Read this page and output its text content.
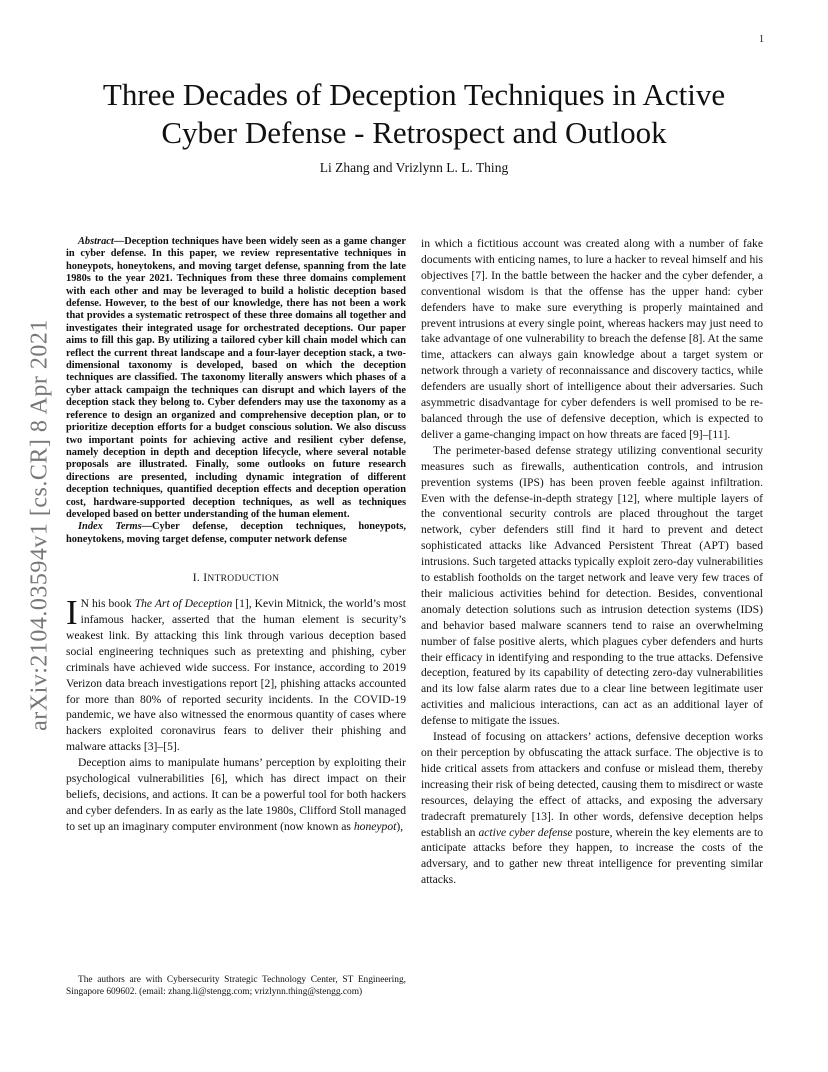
1
arXiv:2104.03594v1 [cs.CR] 8 Apr 2021
Three Decades of Deception Techniques in Active
Cyber Defense - Retrospect and Outlook
Li Zhang and Vrizlynn L. L. Thing

Abstract—Deception techniques have been widely seen as a game changer in cyber defense. In this paper, we review representative techniques in honeypots, honeytokens, and moving target defense, spanning from the late 1980s to the year 2021. Techniques from these three domains complement with each other and may be leveraged to build a holistic deception based defense. However, to the best of our knowledge, there has not been a work that provides a systematic retrospect of these three domains all together and investigates their integrated usage for orchestrated deceptions. Our paper aims to fill this gap. By utilizing a tailored cyber kill chain model which can reflect the current threat landscape and a four-layer deception stack, a two-dimensional taxonomy is developed, based on which the deception techniques are classified. The taxonomy literally answers which phases of a cyber attack campaign the techniques can disrupt and which layers of the deception stack they belong to. Cyber defenders may use the taxonomy as a reference to design an organized and comprehensive deception plan, or to prioritize deception efforts for a budget conscious solution. We also discuss two important points for achieving active and resilient cyber defense, namely deception in depth and deception lifecycle, where several notable proposals are illustrated. Finally, some outlooks on future research directions are presented, including dynamic integration of different deception techniques, quantified deception effects and deception operation cost, hardware-supported deception techniques, as well as techniques developed based on better understanding of the human element.

Index Terms—Cyber defense, deception techniques, honeypots, honeytokens, moving target defense, computer network defense

I. INTRODUCTION

I N his book The Art of Deception [1], Kevin Mitnick, the world’s most infamous hacker, asserted that the human element is security’s weakest link. By attacking this link through various deception based social engineering techniques such as pretexting and phishing, cyber criminals have achieved wide success. For instance, according to 2019 Verizon data breach investigations report [2], phishing attacks accounted for more than 80% of reported security incidents. In the COVID-19 pandemic, we have also witnessed the enormous quantity of cases where hackers exploited coronavirus fears to deliver their phishing and malware attacks [3]–[5].

Deception aims to manipulate humans’ perception by exploiting their psychological vulnerabilities [6], which has direct impact on their beliefs, decisions, and actions. It can be a powerful tool for both hackers and cyber defenders. In as early as the late 1980s, Clifford Stoll managed to set up an imaginary computer environment (now known as honeypot),

The authors are with Cybersecurity Strategic Technology Center, ST Engineering, Singapore 609602. (email: zhang.li@stengg.com; vrizlynn.thing@stengg.com)

in which a fictitious account was created along with a number of fake documents with enticing names, to lure a hacker to reveal himself and his objectives [7]. In the battle between the hacker and the cyber defender, a conventional wisdom is that the offense has the upper hand: cyber defenders have to make sure everything is properly maintained and prevent intrusions at every single point, whereas hackers may just need to take advantage of one vulnerability to breach the defense [8]. At the same time, attackers can always gain knowledge about a target system or network through a variety of reconnaissance and discovery tactics, while defenders are usually short of intelligence about their adversaries. Such asymmetric disadvantage for cyber defenders is well promised to be re-balanced through the use of defensive deception, which is expected to deliver a game-changing impact on how threats are faced [9]–[11].

The perimeter-based defense strategy utilizing conventional security measures such as firewalls, authentication controls, and intrusion prevention systems (IPS) has been proven feeble against infiltration. Even with the defense-in-depth strategy [12], where multiple layers of the conventional security controls are placed throughout the target network, cyber defenders still find it hard to prevent and detect sophisticated attacks like Advanced Persistent Threat (APT) based intrusions. Such targeted attacks typically exploit zero-day vulnerabilities to establish footholds on the target network and leave very few traces of their malicious activities behind for detection. Besides, conventional anomaly detection solutions such as intrusion detection systems (IDS) and behavior based malware scanners tend to raise an overwhelming number of false positive alerts, which plagues cyber defenders and hurts their efficacy in identifying and responding to the true attacks. Defensive deception, featured by its capability of detecting zero-day vulnerabilities and its low false alarm rates due to a clear line between legitimate user activities and malicious interactions, can act as an additional layer of defense to mitigate the issues.

Instead of focusing on attackers’ actions, defensive deception works on their perception by obfuscating the attack surface. The objective is to hide critical assets from attackers and confuse or mislead them, thereby increasing their risk of being detected, causing them to misdirect or waste resources, delaying the effect of attacks, and exposing the adversary tradecraft prematurely [13]. In other words, defensive deception helps establish an active cyber defense posture, wherein the key elements are to anticipate attacks before they happen, to increase the costs of the adversary, and to gather new threat intelligence for preventing similar attacks.
